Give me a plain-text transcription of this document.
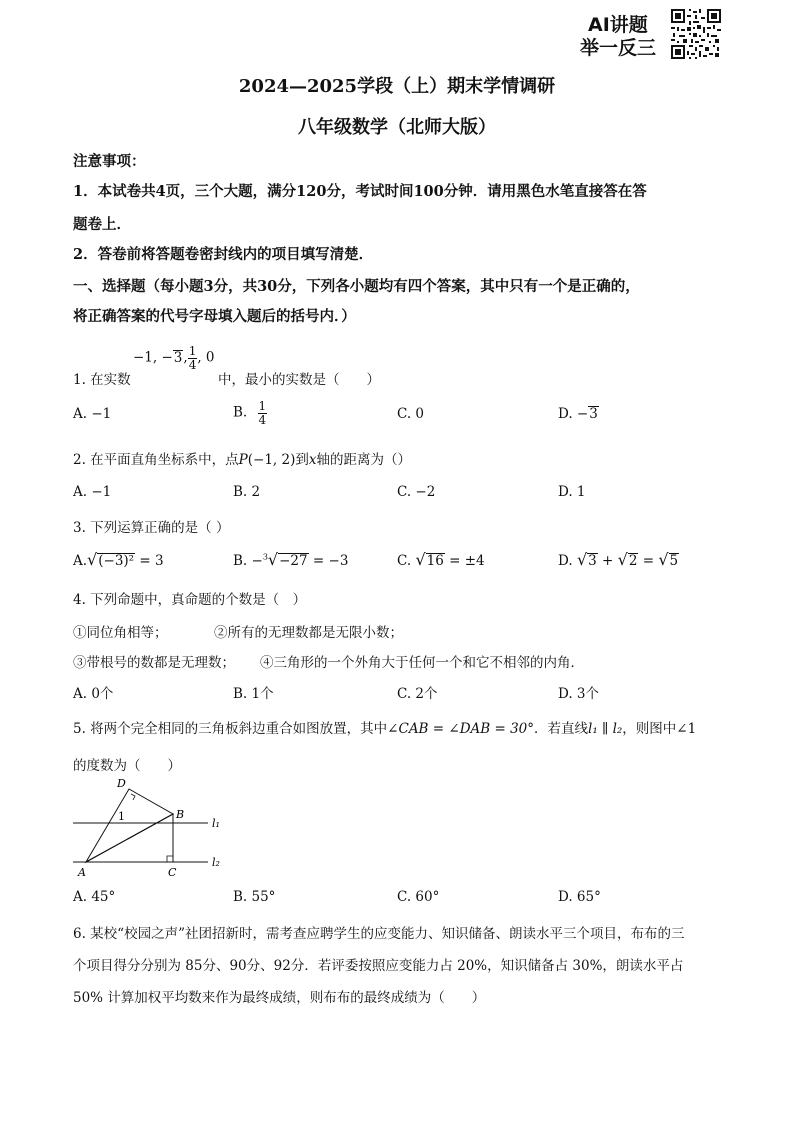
AI讲题
举一反三
2024—2025学段（上）期末学情调研
八年级数学（北师大版）
注意事项：
1．本试卷共4页，三个大题，满分120分，考试时间100分钟．请用黑色水笔直接答在答
题卷上．
2．答卷前将答题卷密封线内的项目填写清楚．
一、选择题（每小题3分，共30分，下列各小题均有四个答案，其中只有一个是正确的，
将正确答案的代号字母填入题后的括号内．）
−1, −3, $\frac{1}{4}$ , 0
1. 在实数	中，最小的实数是（　　）
A. −1	B. $\frac{1}{4}$	C. 0	D. −3
2. 在平面直角坐标系中，点P(−1, 2)到x轴的距离为（）
A. −1	B. 2	C. −2	D. 1
3. 下列运算正确的是（ ）
A.√(−3)² = 3	B. −$^3$√−27 = −3	C. √16 = ±4	D. √3 + √2 = √5
4. 下列命题中，真命题的个数是（　）
①同位角相等；	②所有的无理数都是无限小数；
③带根号的数都是无理数； ④三角形的一个外角大于任何一个和它不相邻的内角．
A. 0个	B. 1个	C. 2个	D. 3个
5. 将两个完全相同的三角板斜边重合如图放置，其中∠CAB = ∠DAB = 30°．若直线l₁ ∥ l₂，则图中∠1
的度数为（　　）
D
B
1
A	C
l₁
l₂
A. 45°	B. 55°	C. 60°	D. 65°
6. 某校“校园之声”社团招新时，需考查应聘学生的应变能力、知识储备、朗读水平三个项目，布布的三
个项目得分分别为 85分、90分、92分．若评委按照应变能力占 20%，知识储备占 30%，朗读水平占
50% 计算加权平均数来作为最终成绩，则布布的最终成绩为（　　）
